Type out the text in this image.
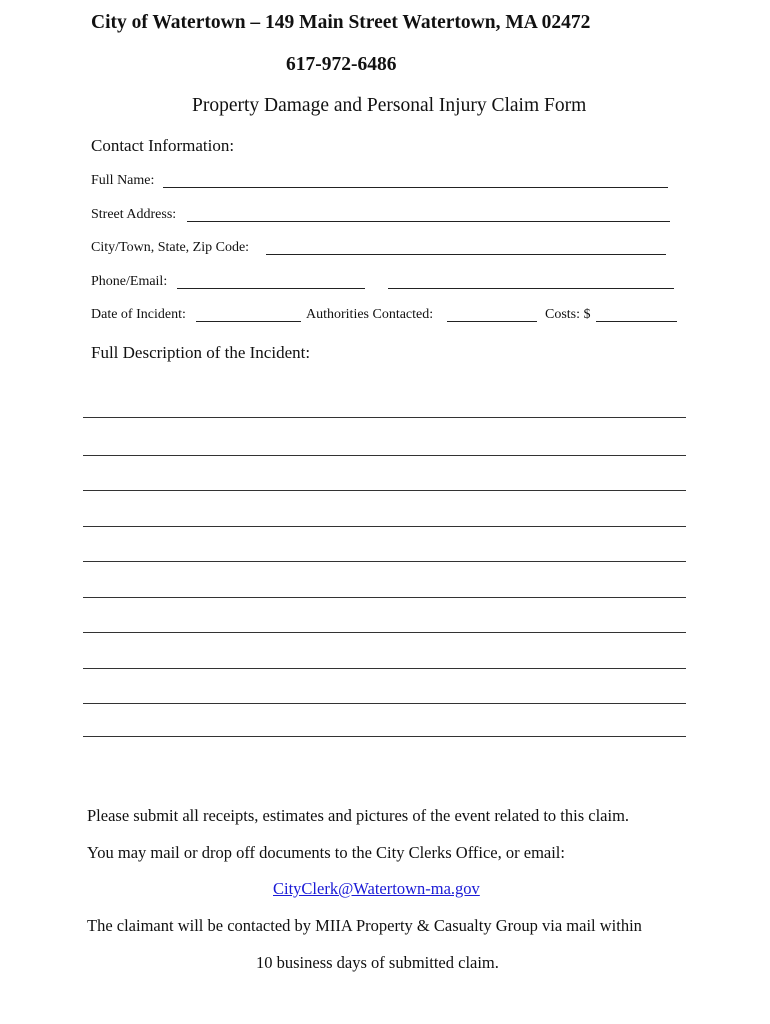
City of Watertown – 149 Main Street Watertown, MA 02472
617-972-6486
Property Damage and Personal Injury Claim Form
Contact Information:
Full Name:
Street Address:
City/Town, State, Zip Code:
Phone/Email:
Date of Incident:	Authorities Contacted:	Costs: $
Full Description of the Incident:
Please submit all receipts, estimates and pictures of the event related to this claim.
You may mail or drop off documents to the City Clerks Office, or email:
CityClerk@Watertown-ma.gov
The claimant will be contacted by MIIA Property & Casualty Group via mail within
10 business days of submitted claim.
